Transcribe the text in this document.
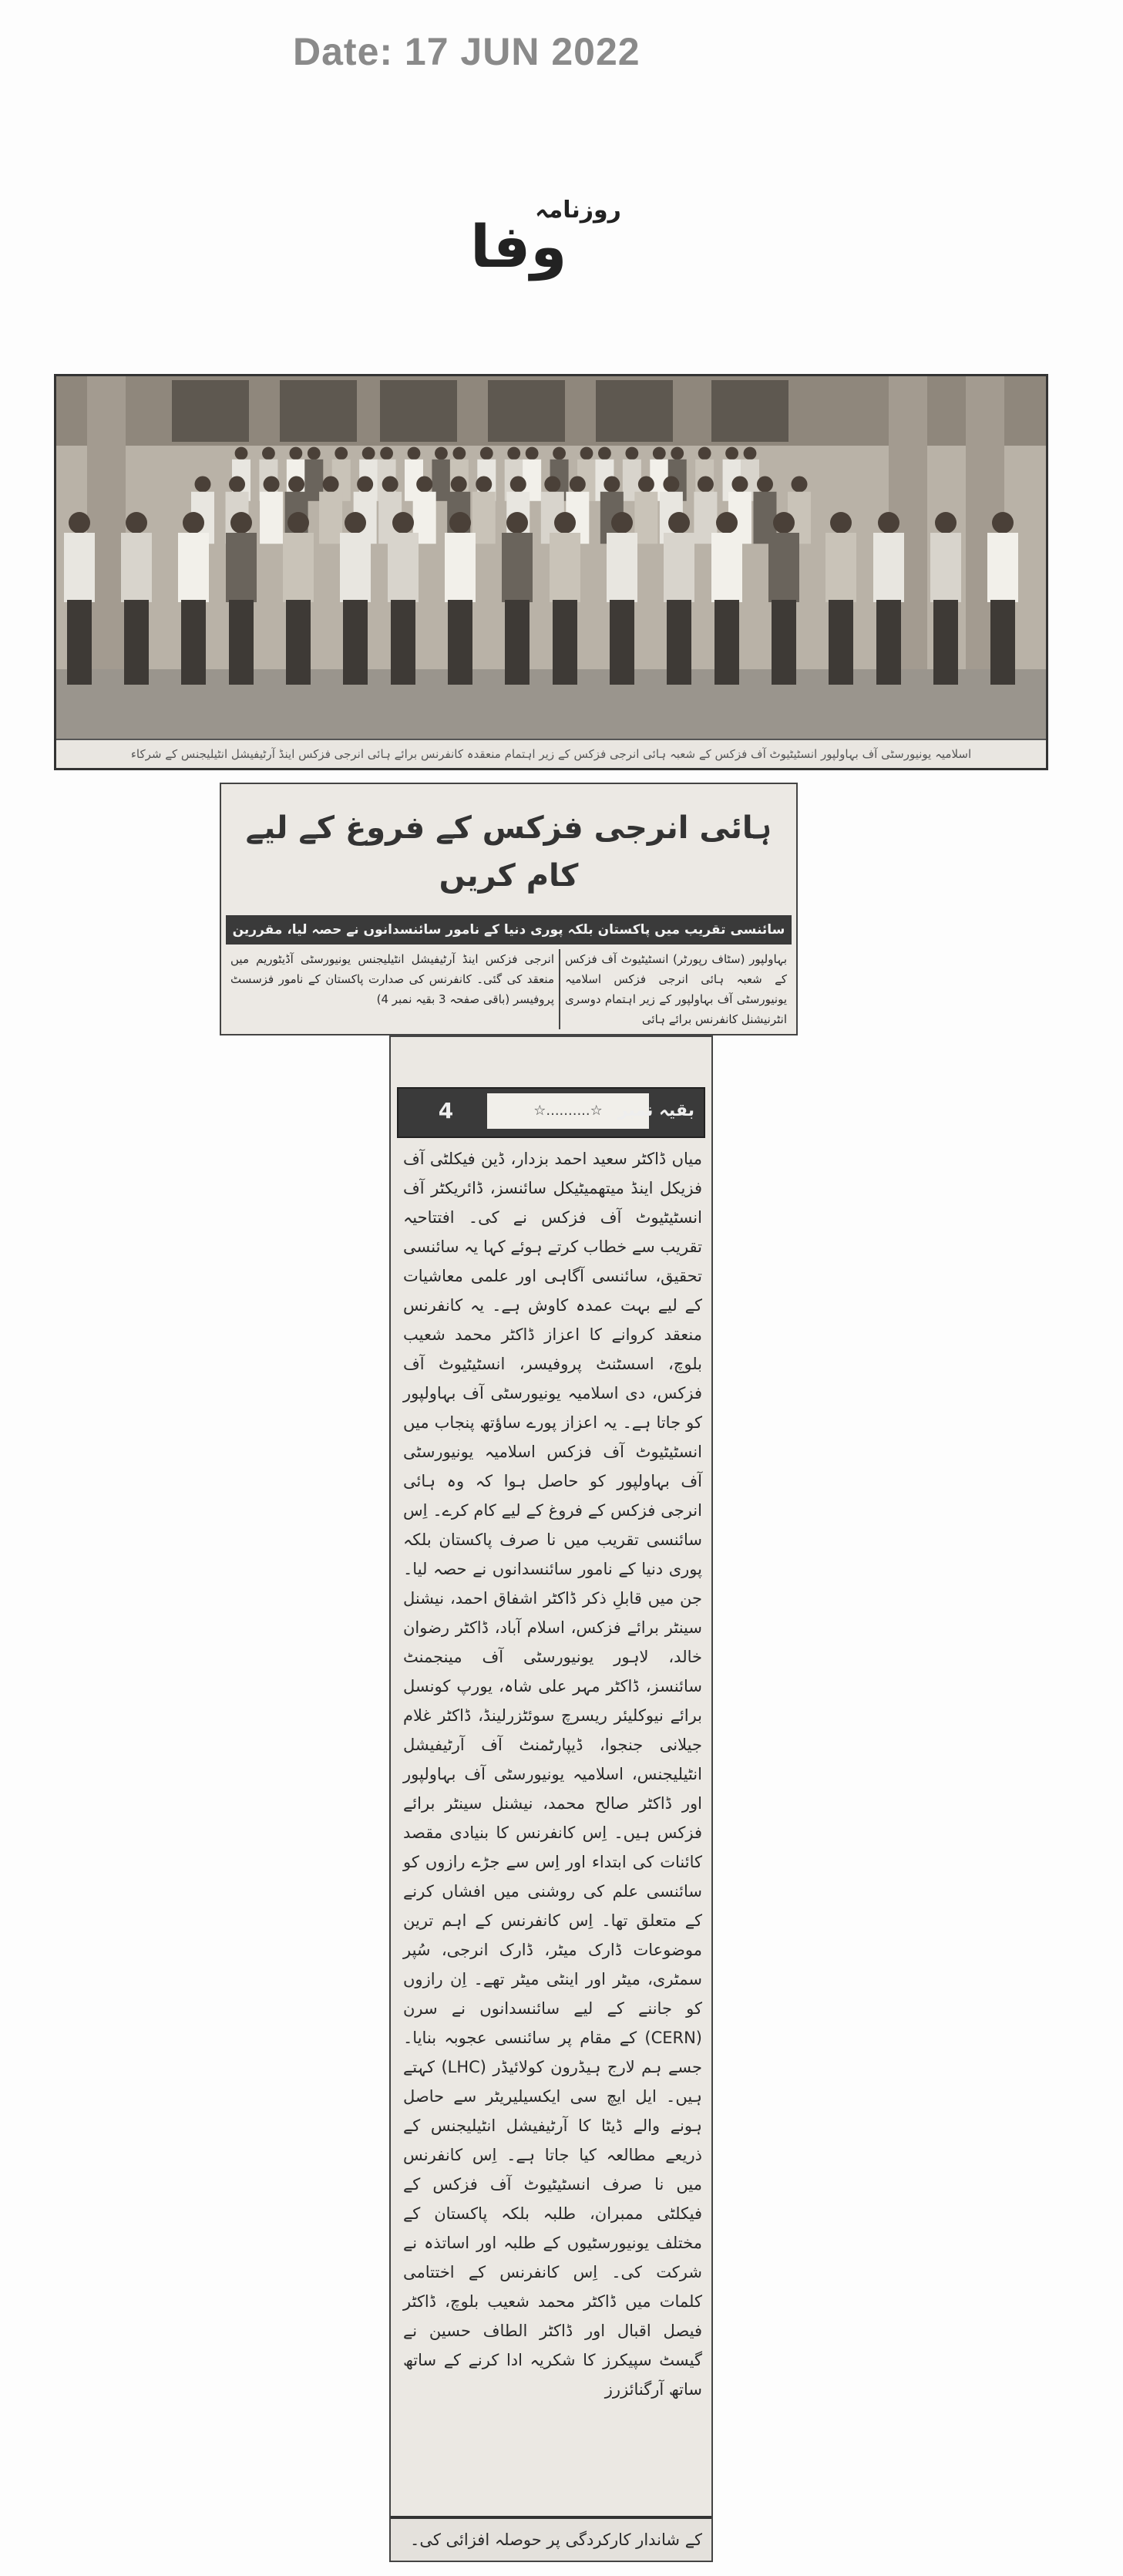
Date: 17 JUN 2022
روزنامہ
وفا
اسلامیہ یونیورسٹی آف بہاولپور انسٹیٹیوٹ آف فزکس کے شعبہ ہائی انرجی فزکس کے زیر اہتمام منعقدہ کانفرنس برائے ہائی انرجی فزکس اینڈ آرٹیفیشل انٹیلیجنس کے شرکاء
ہائی انرجی فزکس کے فروغ کے لیے کام کریں
سائنسی تقریب میں پاکستان بلکہ پوری دنیا کے نامور سائنسدانوں نے حصہ لیا، مقررین
بہاولپور (سٹاف رپورٹر) انسٹیٹیوٹ آف فزکس کے شعبہ ہائی انرجی فزکس اسلامیہ یونیورسٹی آف بہاولپور کے زیر اہتمام دوسری انٹرنیشنل کانفرنس برائے ہائی
انرجی فزکس اینڈ آرٹیفیشل انٹیلیجنس یونیورسٹی آڈیٹوریم میں منعقد کی گئی۔ کانفرنس کی صدارت پاکستان کے نامور فزسسٹ پروفیسر (باقی صفحہ 3 بقیہ نمبر 4)
4	☆..........☆ بقیہ نمبر
میاں ڈاکٹر سعید احمد بزدار، ڈین فیکلٹی آف فزیکل اینڈ میتھمیٹیکل سائنسز، ڈائریکٹر آف انسٹیٹیوٹ آف فزکس نے کی۔ افتتاحیہ تقریب سے خطاب کرتے ہوئے کہا یہ سائنسی تحقیق، سائنسی آگاہی اور علمی معاشیات کے لیے بہت عمدہ کاوش ہے۔ یہ کانفرنس منعقد کروانے کا اعزاز ڈاکٹر محمد شعیب بلوچ، اسسٹنٹ پروفیسر، انسٹیٹیوٹ آف فزکس، دی اسلامیہ یونیورسٹی آف بہاولپور کو جاتا ہے۔ یہ اعزاز پورے ساؤتھ پنجاب میں انسٹیٹیوٹ آف فزکس اسلامیہ یونیورسٹی آف بہاولپور کو حاصل ہوا کہ وہ ہائی انرجی فزکس کے فروغ کے لیے کام کرے۔ اِس سائنسی تقریب میں نا صرف پاکستان بلکہ پوری دنیا کے نامور سائنسدانوں نے حصہ لیا۔ جن میں قابلِ ذکر ڈاکٹر اشفاق احمد، نیشنل سینٹر برائے فزکس، اسلام آباد، ڈاکٹر رضوان خالد، لاہور یونیورسٹی آف مینجمنٹ سائنسز، ڈاکٹر مہر علی شاہ، یورپ کونسل برائے نیوکلیئر ریسرچ سوئٹزرلینڈ، ڈاکٹر غلام جیلانی جنجوا، ڈیپارٹمنٹ آف آرٹیفیشل انٹیلیجنس، اسلامیہ یونیورسٹی آف بہاولپور اور ڈاکٹر صالح محمد، نیشنل سینٹر برائے فزکس ہیں۔ اِس کانفرنس کا بنیادی مقصد کائنات کی ابتداء اور اِس سے جڑے رازوں کو سائنسی علم کی روشنی میں افشاں کرنے کے متعلق تھا۔ اِس کانفرنس کے اہم ترین موضوعات ڈارک میٹر، ڈارک انرجی، سُپر سمٹری، میٹر اور اینٹی میٹر تھے۔ اِن رازوں کو جاننے کے لیے سائنسدانوں نے سرن (CERN) کے مقام پر سائنسی عجوبہ بنایا۔ جسے ہم لارج ہیڈرون کولائیڈر (LHC) کہتے ہیں۔ ایل ایچ سی ایکسیلیریٹر سے حاصل ہونے والے ڈیٹا کا آرٹیفیشل انٹیلیجنس کے ذریعے مطالعہ کیا جاتا ہے۔ اِس کانفرنس میں نا صرف انسٹیٹیوٹ آف فزکس کے فیکلٹی ممبران، طلبہ بلکہ پاکستان کے مختلف یونیورسٹیوں کے طلبہ اور اساتذہ نے شرکت کی۔ اِس کانفرنس کے اختتامی کلمات میں ڈاکٹر محمد شعیب بلوچ، ڈاکٹر فیصل اقبال اور ڈاکٹر الطاف حسین نے گیسٹ سپیکرز کا شکریہ ادا کرنے کے ساتھ ساتھ آرگنائزرز
کے شاندار کارکردگی پر حوصلہ افزائی کی۔
